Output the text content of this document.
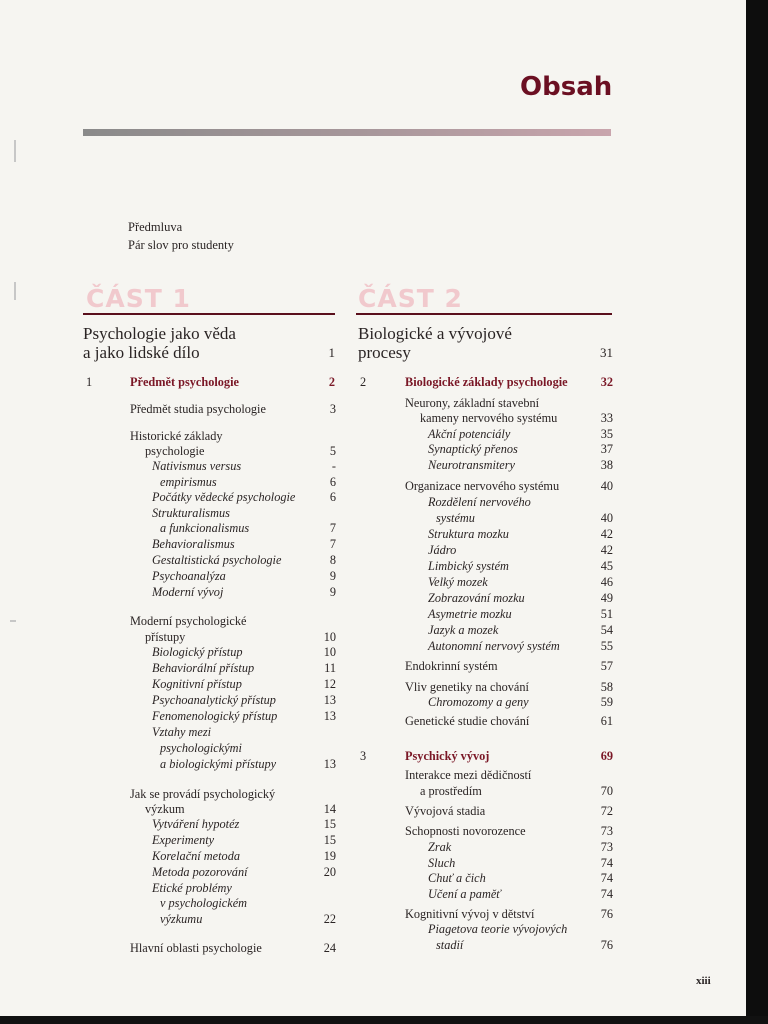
Obsah
Předmluva
Pár slov pro studenty
ČÁST 1
Psychologie jako věda
a jako lidské dílo	1
1	Předmět psychologie	2
Předmět studia psychologie	3
Historické základy
psychologie	5
Nativismus versus	-
empirismus	6
Počátky vědecké psychologie	6
Strukturalismus
a funkcionalismus	7
Behavioralismus	7
Gestaltistická psychologie	8
Psychoanalýza	9
Moderní vývoj	9
Moderní psychologické
přístupy	10
Biologický přístup	10
Behaviorální přístup	11
Kognitivní přístup	12
Psychoanalytický přístup	13
Fenomenologický přístup	13
Vztahy mezi
psychologickými
a biologickými přístupy	13
Jak se provádí psychologický
výzkum	14
Vytváření hypotéz	15
Experimenty	15
Korelační metoda	19
Metoda pozorování	20
Etické problémy
v psychologickém
výzkumu	22
Hlavní oblasti psychologie	24
ČÁST 2
Biologické a vývojové
procesy	31
2	Biologické základy psychologie	32
Neurony, základní stavební
kameny nervového systému	33
Akční potenciály	35
Synaptický přenos	37
Neurotransmitery	38
Organizace nervového systému	40
Rozdělení nervového
systému	40
Struktura mozku	42
Jádro	42
Limbický systém	45
Velký mozek	46
Zobrazování mozku	49
Asymetrie mozku	51
Jazyk a mozek	54
Autonomní nervový systém	55
Endokrinní systém	57
Vliv genetiky na chování	58
Chromozomy a geny	59
Genetické studie chování	61
3	Psychický vývoj	69
Interakce mezi dědičností
a prostředím	70
Vývojová stadia	72
Schopnosti novorozence	73
Zrak	73
Sluch	74
Chuť a čich	74
Učení a paměť	74
Kognitivní vývoj v dětství	76
Piagetova teorie vývojových
stadií	76
xiii
